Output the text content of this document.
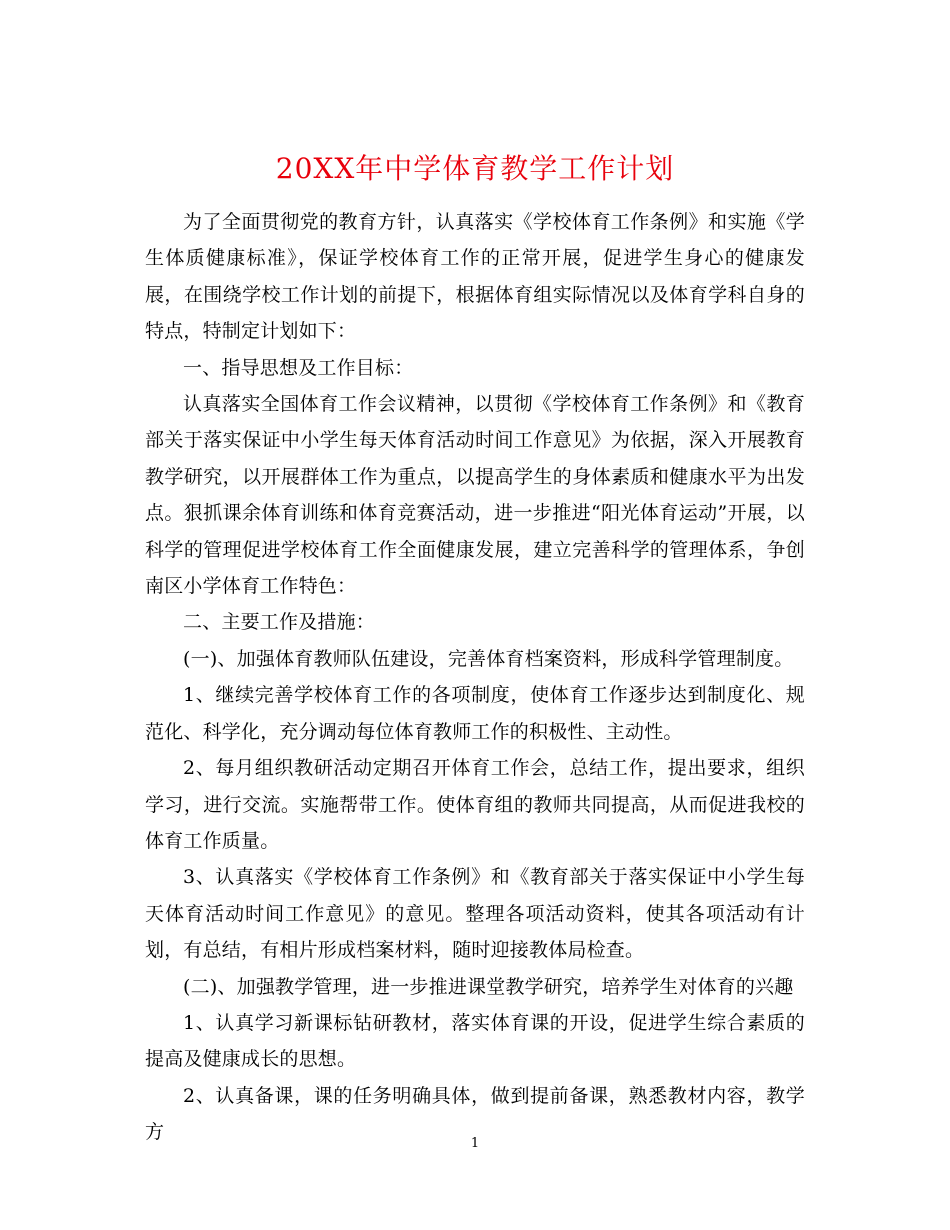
20XX年中学体育教学工作计划

为了全面贯彻党的教育方针，认真落实《学校体育工作条例》和实施《学生体质健康标准》，保证学校体育工作的正常开展，促进学生身心的健康发展，在围绕学校工作计划的前提下，根据体育组实际情况以及体育学科自身的特点，特制定计划如下：

一、指导思想及工作目标：

认真落实全国体育工作会议精神，以贯彻《学校体育工作条例》和《教育部关于落实保证中小学生每天体育活动时间工作意见》为依据，深入开展教育教学研究，以开展群体工作为重点，以提高学生的身体素质和健康水平为出发点。狠抓课余体育训练和体育竞赛活动，进一步推进“阳光体育运动”开展，以科学的管理促进学校体育工作全面健康发展，建立完善科学的管理体系，争创南区小学体育工作特色：

二、主要工作及措施：

(一)、加强体育教师队伍建设，完善体育档案资料，形成科学管理制度。

1、继续完善学校体育工作的各项制度，使体育工作逐步达到制度化、规范化、科学化，充分调动每位体育教师工作的积极性、主动性。

2、每月组织教研活动定期召开体育工作会，总结工作，提出要求，组织学习，进行交流。实施帮带工作。使体育组的教师共同提高，从而促进我校的体育工作质量。

3、认真落实《学校体育工作条例》和《教育部关于落实保证中小学生每天体育活动时间工作意见》的意见。整理各项活动资料，使其各项活动有计划，有总结，有相片形成档案材料，随时迎接教体局检查。

(二)、加强教学管理，进一步推进课堂教学研究，培养学生对体育的兴趣

1、认真学习新课标钻研教材，落实体育课的开设，促进学生综合素质的提高及健康成长的思想。

2、认真备课，课的任务明确具体，做到提前备课，熟悉教材内容，教学方

1
